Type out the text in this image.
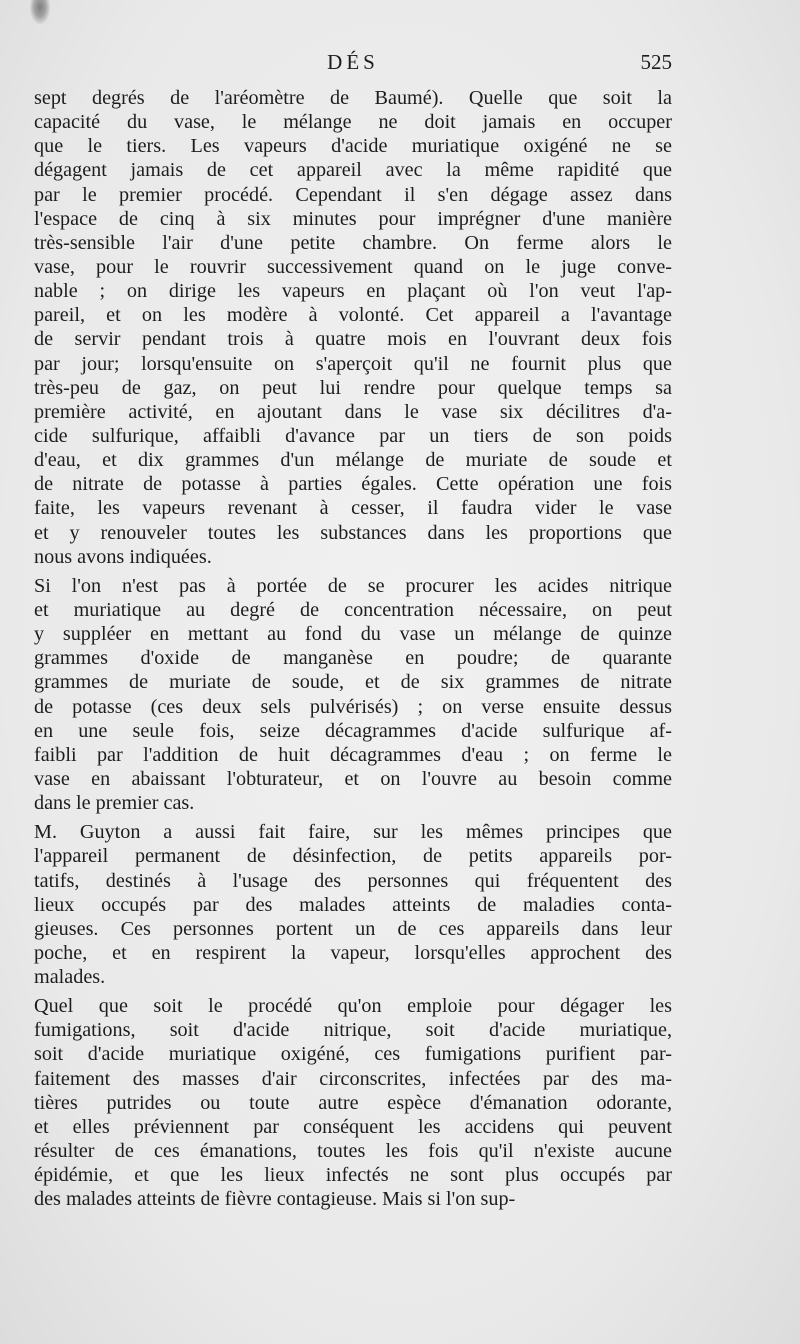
DÉS	525
sept degrés de l'aréomètre de Baumé). Quelle que soit la
capacité du vase, le mélange ne doit jamais en occuper
que le tiers. Les vapeurs d'acide muriatique oxigéné ne se
dégagent jamais de cet appareil avec la même rapidité que
par le premier procédé. Cependant il s'en dégage assez dans
l'espace de cinq à six minutes pour imprégner d'une manière
très-sensible l'air d'une petite chambre. On ferme alors le
vase, pour le rouvrir successivement quand on le juge conve-
nable ; on dirige les vapeurs en plaçant où l'on veut l'ap-
pareil, et on les modère à volonté. Cet appareil a l'avantage
de servir pendant trois à quatre mois en l'ouvrant deux fois
par jour; lorsqu'ensuite on s'aperçoit qu'il ne fournit plus que
très-peu de gaz, on peut lui rendre pour quelque temps sa
première activité, en ajoutant dans le vase six décilitres d'a-
cide sulfurique, affaibli d'avance par un tiers de son poids
d'eau, et dix grammes d'un mélange de muriate de soude et
de nitrate de potasse à parties égales. Cette opération une fois
faite, les vapeurs revenant à cesser, il faudra vider le vase
et y renouveler toutes les substances dans les proportions que
nous avons indiquées.
Si l'on n'est pas à portée de se procurer les acides nitrique
et muriatique au degré de concentration nécessaire, on peut
y suppléer en mettant au fond du vase un mélange de quinze
grammes d'oxide de manganèse en poudre; de quarante
grammes de muriate de soude, et de six grammes de nitrate
de potasse (ces deux sels pulvérisés) ; on verse ensuite dessus
en une seule fois, seize décagrammes d'acide sulfurique af-
faibli par l'addition de huit décagrammes d'eau ; on ferme le
vase en abaissant l'obturateur, et on l'ouvre au besoin comme
dans le premier cas.
M. Guyton a aussi fait faire, sur les mêmes principes que
l'appareil permanent de désinfection, de petits appareils por-
tatifs, destinés à l'usage des personnes qui fréquentent des
lieux occupés par des malades atteints de maladies conta-
gieuses. Ces personnes portent un de ces appareils dans leur
poche, et en respirent la vapeur, lorsqu'elles approchent des
malades.
Quel que soit le procédé qu'on emploie pour dégager les
fumigations, soit d'acide nitrique, soit d'acide muriatique,
soit d'acide muriatique oxigéné, ces fumigations purifient par-
faitement des masses d'air circonscrites, infectées par des ma-
tières putrides ou toute autre espèce d'émanation odorante,
et elles préviennent par conséquent les accidens qui peuvent
résulter de ces émanations, toutes les fois qu'il n'existe aucune
épidémie, et que les lieux infectés ne sont plus occupés par
des malades atteints de fièvre contagieuse. Mais si l'on sup-
